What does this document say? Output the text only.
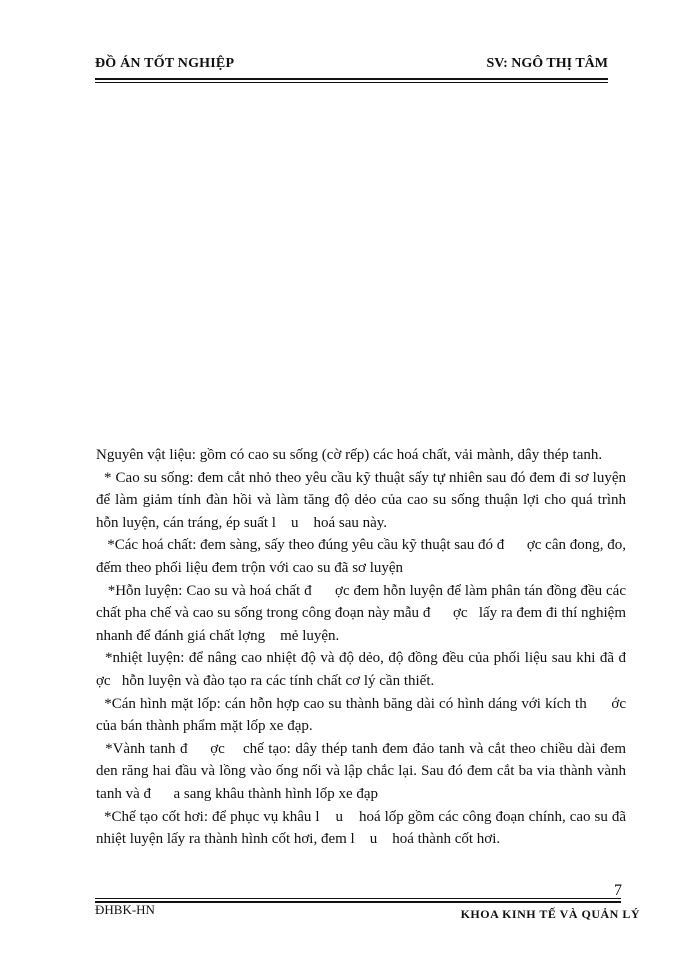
ĐỒ ÁN TỐT NGHIỆP	SV: NGÔ THỊ TÂM

Nguyên vật liệu: gồm có cao su sống (cờ rếp) các hoá chất, vải mành, dây thép tanh.

* Cao su sống: đem cắt nhỏ theo yêu cầu kỹ thuật sấy tự nhiên sau đó đem đi sơ luyện để làm giảm tính đàn hồi và làm tăng độ dẻo của cao su sống thuận lợi cho quá trình hỗn luyện, cán tráng, ép suất l    u    hoá sau này.

*Các hoá chất: đem sàng, sấy theo đúng yêu cầu kỹ thuật sau đó đ      ợc cân đong, đo, đếm theo phối liệu đem trộn với cao su đã sơ luyện

*Hỗn luyện: Cao su và hoá chất đ      ợc đem hỗn luyện để làm phân tán đồng đều các chất pha chế và cao su sống trong công đoạn này mẫu đ      ợc   lấy ra đem đi thí nghiệm nhanh để đánh giá chất lợng    mẻ luyện.

*nhiệt luyện: để nâng cao nhiệt độ và độ dẻo, độ đồng đều của phối liệu sau khi đã đ      ợc   hỗn luyện và đào tạo ra các tính chất cơ lý cần thiết.

*Cán hình mặt lốp: cán hỗn hợp cao su thành băng dài có hình dáng với kích th      ớc của bán thành phẩm mặt lốp xe đạp.

*Vành tanh đ     ợc    chế tạo: dây thép tanh đem đảo tanh và cắt theo chiều dài đem den răng hai đầu và lồng vào ống nối và lập chắc lại. Sau đó đem cắt ba via thành vành tanh và đ      a sang khâu thành hình lốp xe đạp

*Chế tạo cốt hơi: để phục vụ khâu l    u    hoá lốp gồm các công đoạn chính, cao su đã nhiệt luyện lấy ra thành hình cốt hơi, đem l    u    hoá thành cốt hơi.

7
ĐHBK-HN	KHOA KINH TẾ VÀ QUẢN LÝ
